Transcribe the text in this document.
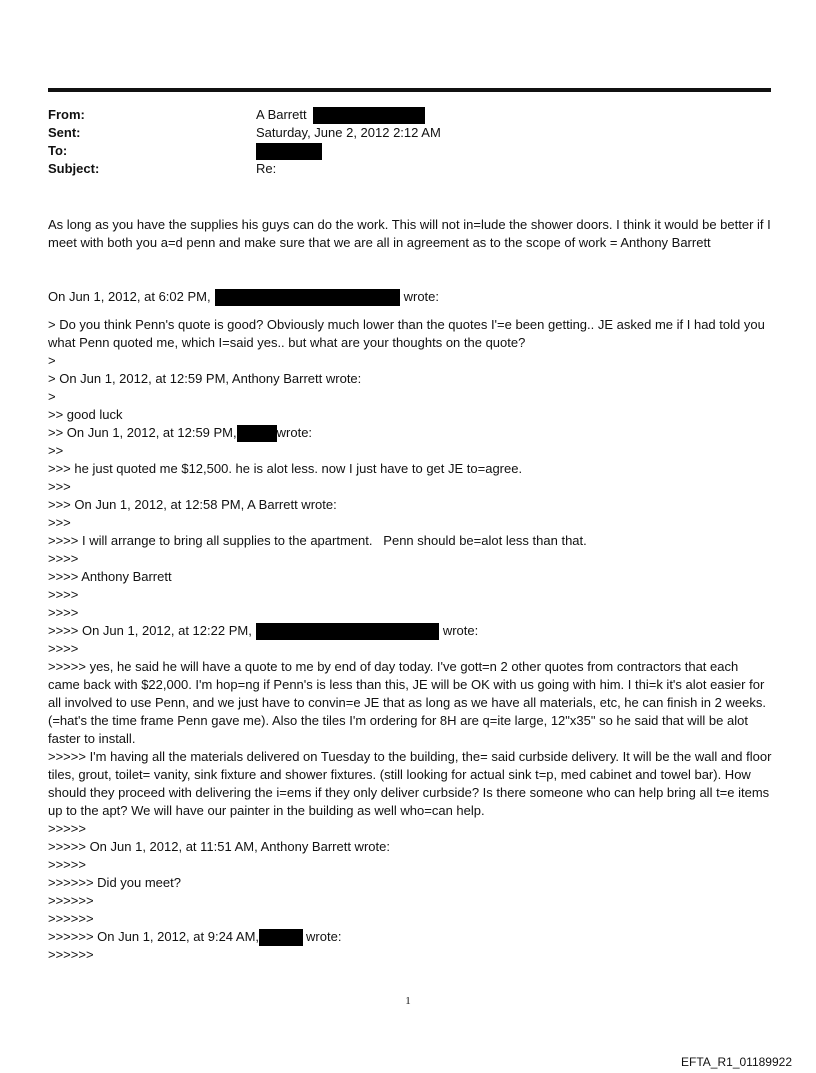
From:	A Barrett
Sent:	Saturday, June 2, 2012 2:12 AM
To:
Subject:	Re:

As long as you have the supplies his guys can do the work. This will not in=lude the shower doors. I think it would be better if I meet with both you a=d penn and make sure that we are all in agreement as to the scope of work = Anthony Barrett

On Jun 1, 2012, at 6:02 PM,	wrote:

> Do you think Penn's quote is good? Obviously much lower than the quotes I'=e been getting.. JE asked me if I had told you what Penn quoted me, which I=said yes.. but what are your thoughts on the quote?

>
> On Jun 1, 2012, at 12:59 PM, Anthony Barrett wrote:
>
>> good luck
>> On Jun 1, 2012, at 12:59 PM,	wrote:
>>
>>> he just quoted me $12,500. he is alot less. now I just have to get JE to=agree.
>>>
>>> On Jun 1, 2012, at 12:58 PM, A Barrett wrote:
>>>
>>>> I will arrange to bring all supplies to the apartment.   Penn should be=alot less than that.
>>>>
>>>> Anthony Barrett
>>>>
>>>>
>>>> On Jun 1, 2012, at 12:22 PM,	wrote:
>>>>

>>>>> yes, he said he will have a quote to me by end of day today. I've gott=n 2 other quotes from contractors that each came back with $22,000. I'm hop=ng if Penn's is less than this, JE will be OK with us going with him. I thi=k it's alot easier for all involved to use Penn, and we just have to convin=e JE that as long as we have all materials, etc, he can finish in 2 weeks. (=hat's the time frame Penn gave me). Also the tiles I'm ordering for 8H are q=ite large, 12"x35" so he said that will be alot faster to install.

>>>>> I'm having all the materials delivered on Tuesday to the building, the= said curbside delivery. It will be the wall and floor tiles, grout, toilet= vanity, sink fixture and shower fixtures. (still looking for actual sink t=p, med cabinet and towel bar). How should they proceed with delivering the i=ems if they only deliver curbside? Is there someone who can help bring all t=e items up to the apt? We will have our painter in the building as well who=can help.

>>>>>
>>>>> On Jun 1, 2012, at 11:51 AM, Anthony Barrett wrote:
>>>>>
>>>>>> Did you meet?
>>>>>>
>>>>>>
>>>>>> On Jun 1, 2012, at 9:24 AM,	wrote:
>>>>>>
1
EFTA_R1_01189922
